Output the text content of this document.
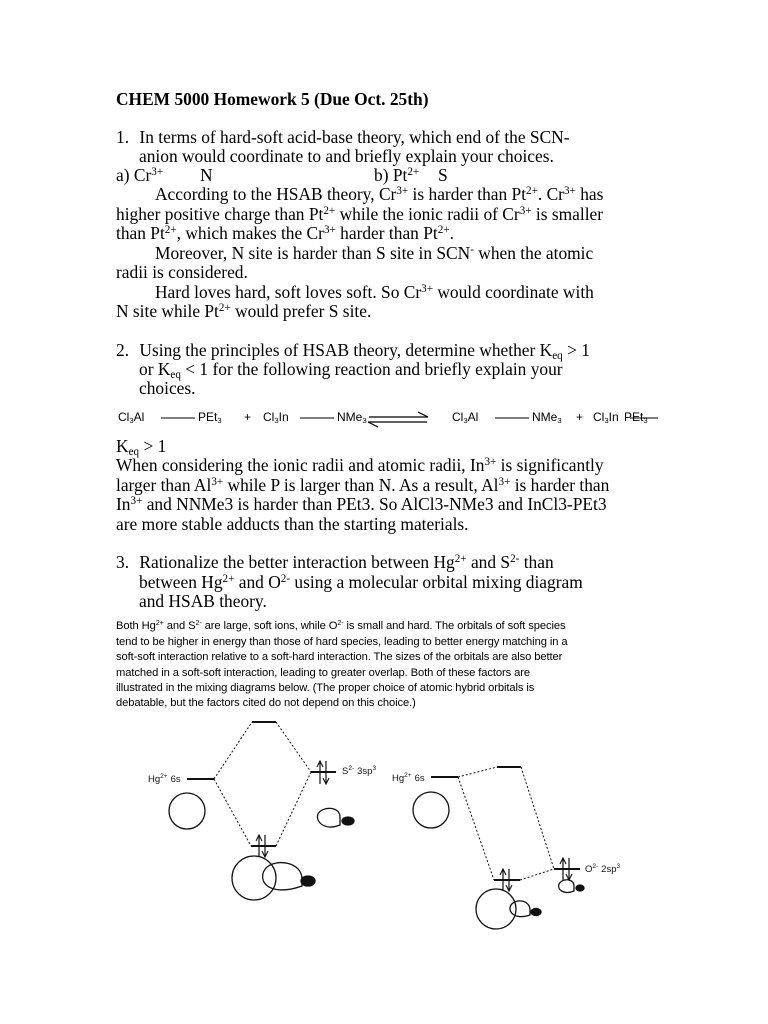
CHEM 5000 Homework 5 (Due Oct. 25th)
1. In terms of hard-soft acid-base theory, which end of the SCN-
anion would coordinate to and briefly explain your choices.
a) $Cr^{3+}$ N	b) $Pt^{2+}$ S
According to the HSAB theory, $Cr^{3+}$ is harder than $Pt^{2+}$. $Cr^{3+}$ has
higher positive charge than $Pt^{2+}$ while the ionic radii of $Cr^{3+}$ is smaller
than $Pt^{2+}$, which makes the $Cr^{3+}$ harder than $Pt^{2+}$.
Moreover, N site is harder than S site in SCN- when the atomic
radii is considered.
Hard loves hard, soft loves soft. So $Cr^{3+}$ would coordinate with
N site while $Pt^{2+}$ would prefer S site.
2. Using the principles of HSAB theory, determine whether $K_{eq} > 1$
or $K_{eq} < 1$ for the following reaction and briefly explain your
choices.
$Cl_3Al$	$PEt_3 + Cl_3In$	NMe$_3$	$Cl_3Al$	$NMe_3 + Cl_3In$ PEt$_3$
$K_{eq} > 1$
When considering the ionic radii and atomic radii, $In^{3+}$ is significantly
larger than $Al^{3+}$ while P is larger than N. As a result, $Al^{3+}$ is harder than
$In^{3+}$ and NNMe3 is harder than PEt3. So AlCl3-NMe3 and InCl3-PEt3
are more stable adducts than the starting materials.
3. Rationalize the better interaction between $Hg^{2+}$ and $S^{2-}$ than
between $Hg^{2+}$ and $O^{2-}$ using a molecular orbital mixing diagram
and HSAB theory.
Both $Hg^{2+}$ and $S^{2-}$ are large, soft ions, while $O^{2-}$ is small and hard. The orbitals of soft species
tend to be higher in energy than those of hard species, leading to better energy matching in a
soft-soft interaction relative to a soft-hard interaction. The sizes of the orbitals are also better
matched in a soft-soft interaction, leading to greater overlap. Both of these factors are
illustrated in the mixing diagrams below. (The proper choice of atomic hybrid orbitals is
debatable, but the factors cited do not depend on this choice.)
$Hg^{2+}$ 6s
$S^{2-}$ $3sp^3$
$Hg^{2+}$ 6s
$O^{2-}$ $2sp^3$
